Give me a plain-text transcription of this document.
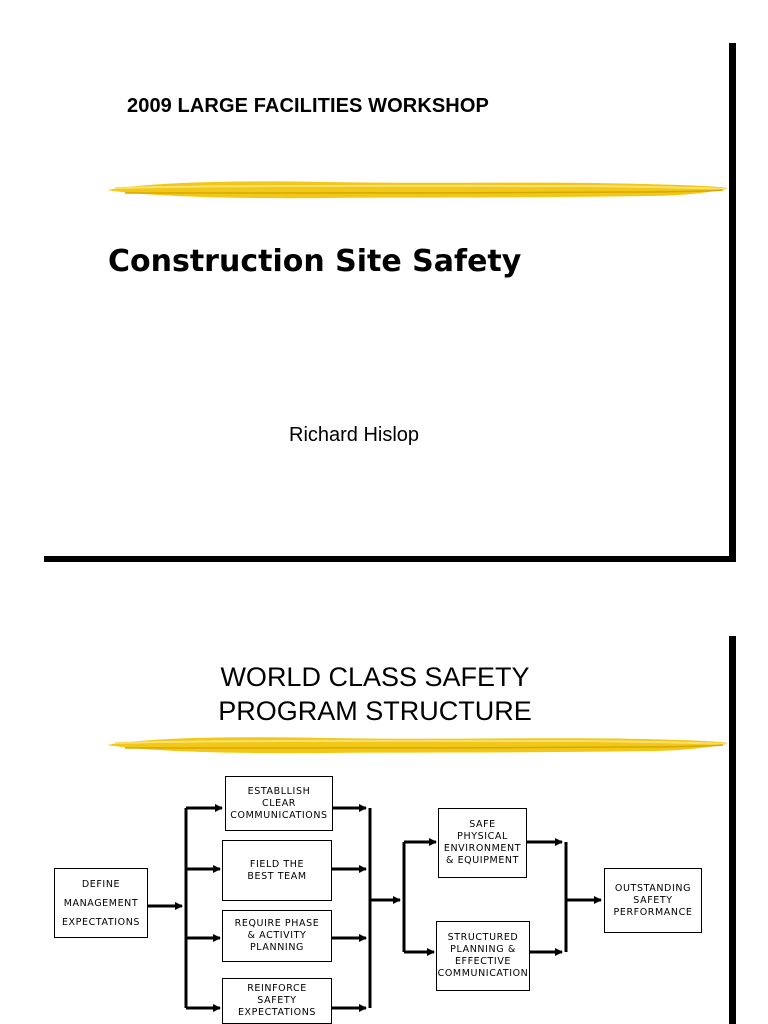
2009 LARGE FACILITIES WORKSHOP
Construction Site Safety
Richard Hislop
WORLD CLASS SAFETY
PROGRAM STRUCTURE
DEFINE
MANAGEMENT
EXPECTATIONS
ESTABLLISH
CLEAR
COMMUNICATIONS
FIELD THE
BEST TEAM
REQUIRE PHASE
& ACTIVITY
PLANNING
REINFORCE
SAFETY
EXPECTATIONS
SAFE
PHYSICAL
ENVIRONMENT
& EQUIPMENT
STRUCTURED
PLANNING &
EFFECTIVE
COMMUNICATION
OUTSTANDING
SAFETY
PERFORMANCE
